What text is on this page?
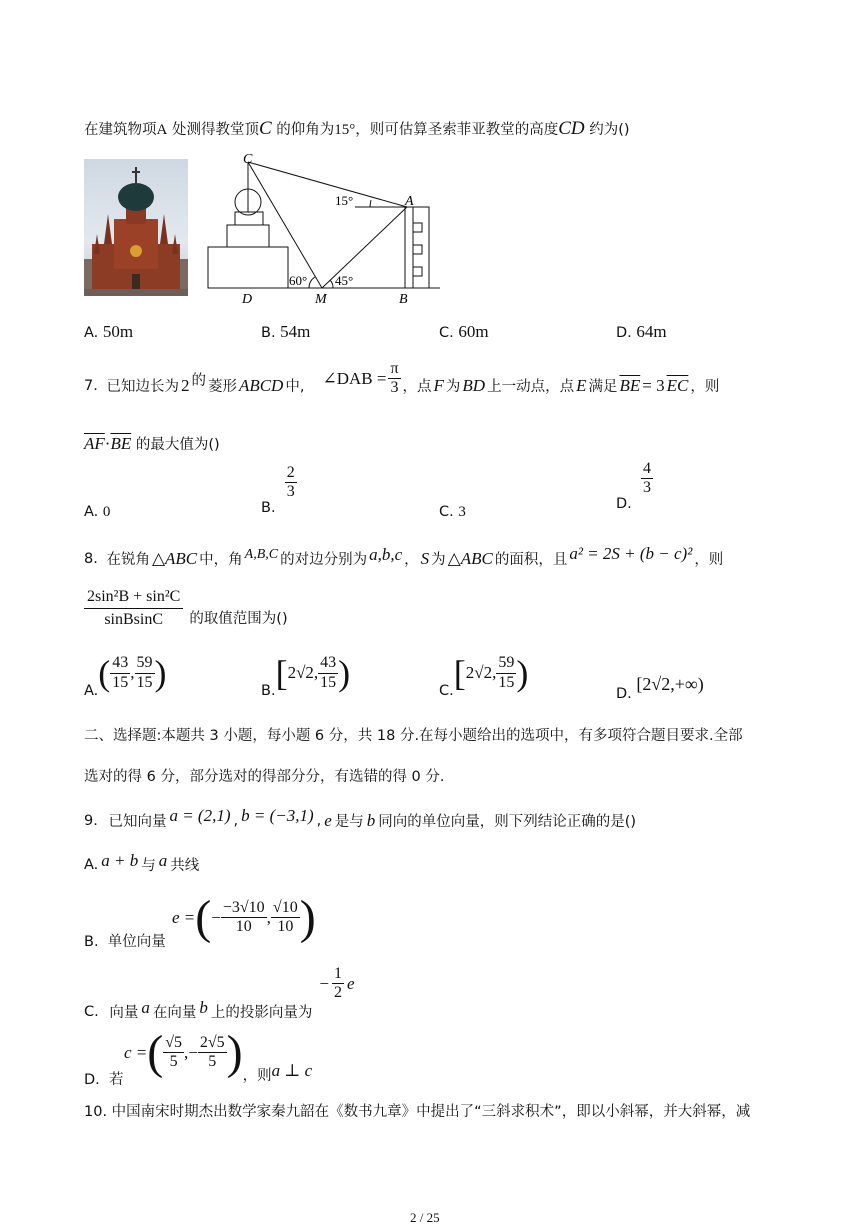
在建筑物项A 处测得教堂顶C 的仰角为15°，则可估算圣索菲亚教堂的高度CD 约为()
C
A
D	M	B
15°
60° 45°
A. 50m	B. 54m	C. 60m	D. 64m
7.
已知边长为 2 的 菱形 ABCD 中, ∠DAB = $\frac{\pi}{3}$ ，点 F 为 BD 上一动点，点 E 满足 $\overline{BE} = 3$ $\overline{EC}$ ，则
$\overline{AF}\cdot\overline{BE}$ 的最大值为()
A. 0	B.

$\frac{2}{3}$
C. 3
D.

$\frac{4}{3}$
8.
在锐角 △ABC 中，角 A,B,C 的对边分别为 a,b,c ， S 为 △ABC 的面积，且 a² = 2S + (b − c)² ，则
$\frac{\text{2sin²B + sin²C}}{\text{sinBsinC}}$ 的取值范围为()
A. ( $\frac{43}{15}$ , $\frac{59}{15}$ )	B. [ 2√2, $\frac{43}{15}$ )	C. [ 2√2, $\frac{59}{15}$ )
D. [2√2,+∞)
二、选择题:本题共 3 小题，每小题 6 分，共 18 分.在每小题给出的选项中，有多项符合题目要求.全部
选对的得 6 分，部分选对的得部分分，有选错的得 0 分.
9.
已知向量 a = (2,1) , b = (−3,1) , e 是与 b 同向的单位向量，则下列结论正确的是()
A. a + b 与 a 共线
B. 单位向量
e = ( − $\frac{-3√10}{10}$ , $\frac{√10}{10}$ )
C.
向量 a 在向量 b 上的投影向量为
− $\frac{1}{2}$ e
D. 若
c = ( $\frac{√5}{5}$ ,− $\frac{2√5}{5}$ ) ，则 a ⊥ c
10. 中国南宋时期杰出数学家秦九韶在《数书九章》中提出了“三斜求积术”，即以小斜幂，并大斜幂，减
2 / 25
